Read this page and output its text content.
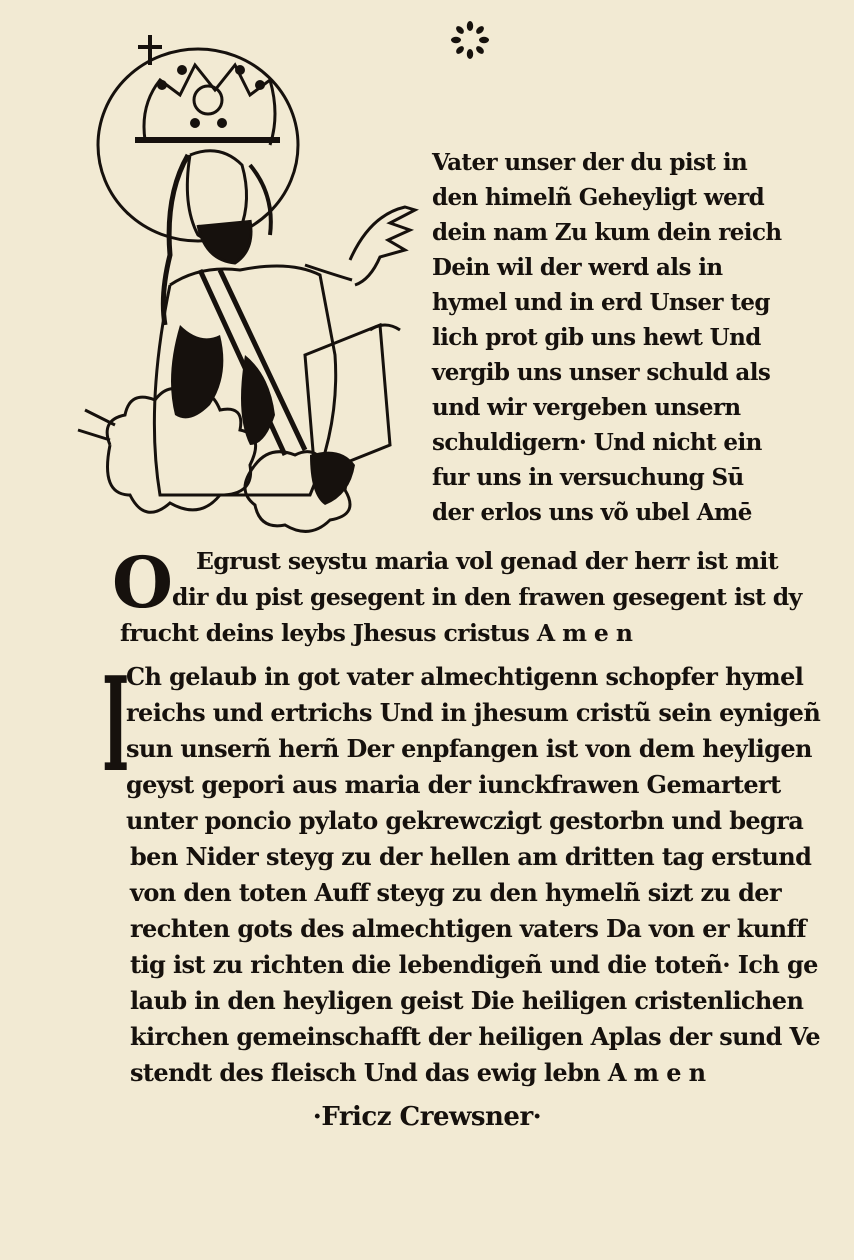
Vater unser der du pist in
den himelñ Geheyligt werd
dein nam Zu kum dein reich
Dein wil der werd als in
hymel und in erd Unser teg
lich prot gib uns hewt Und
vergib uns unser schuld als
und wir vergeben unsern
schuldigern· Und nicht ein
fur uns in versuchung Sū
der erlos uns võ ubel Amē
O Egrust seystu maria vol genad der herr ist mit
dir du pist gesegent in den frawen gesegent ist dy
frucht deins leybs Jhesus cristus A m e n
I
Ch gelaub in got vater almechtigenn schopfer hymel
reichs und ertrichs Und in jhesum cristũ sein eynigeñ
sun unserñ herñ Der enpfangen ist von dem heyligen
geyst gepori aus maria der iunckfrawen Gemartert
unter poncio pylato gekrewczigt gestorbn und begra
ben Nider steyg zu der hellen am dritten tag erstund
von den toten Auff steyg zu den hymelñ sizt zu der
rechten gots des almechtigen vaters Da von er kunff
tig ist zu richten die lebendigeñ und die toteñ· Ich ge
laub in den heyligen geist Die heiligen cristenlichen
kirchen gemeinschafft der heiligen Aplas der sund Ve
stendt des fleisch Und das ewig lebn A m e n
·Fricz Crewsner·
